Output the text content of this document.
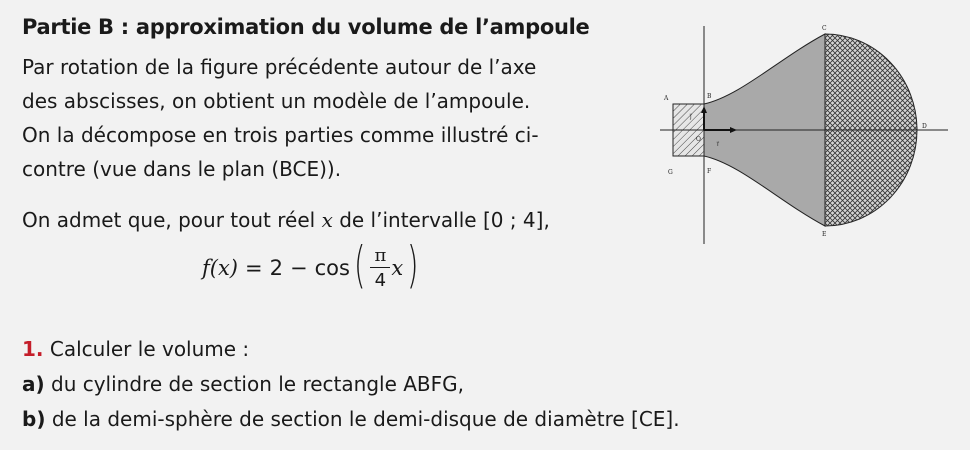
Partie B : approximation du volume de l’ampoule
Par rotation de la figure précédente autour de l’axe
des abscisses, on obtient un modèle de l’ampoule.
On la décompose en trois parties comme illustré ci-
contre (vue dans le plan (BCE)).
On admet que, pour tout réel x de l’intervalle [0 ; 4],
f(x) = 2 − cos ( $\frac{\pi}{4}$ x )
1. Calculer le volume :
a) du cylindre de section le rectangle ABFG,
b) de la demi-sphère de section le demi-disque de diamètre [CE].
A	B
C
D
E
F
G
O
i⃗
j⃗
